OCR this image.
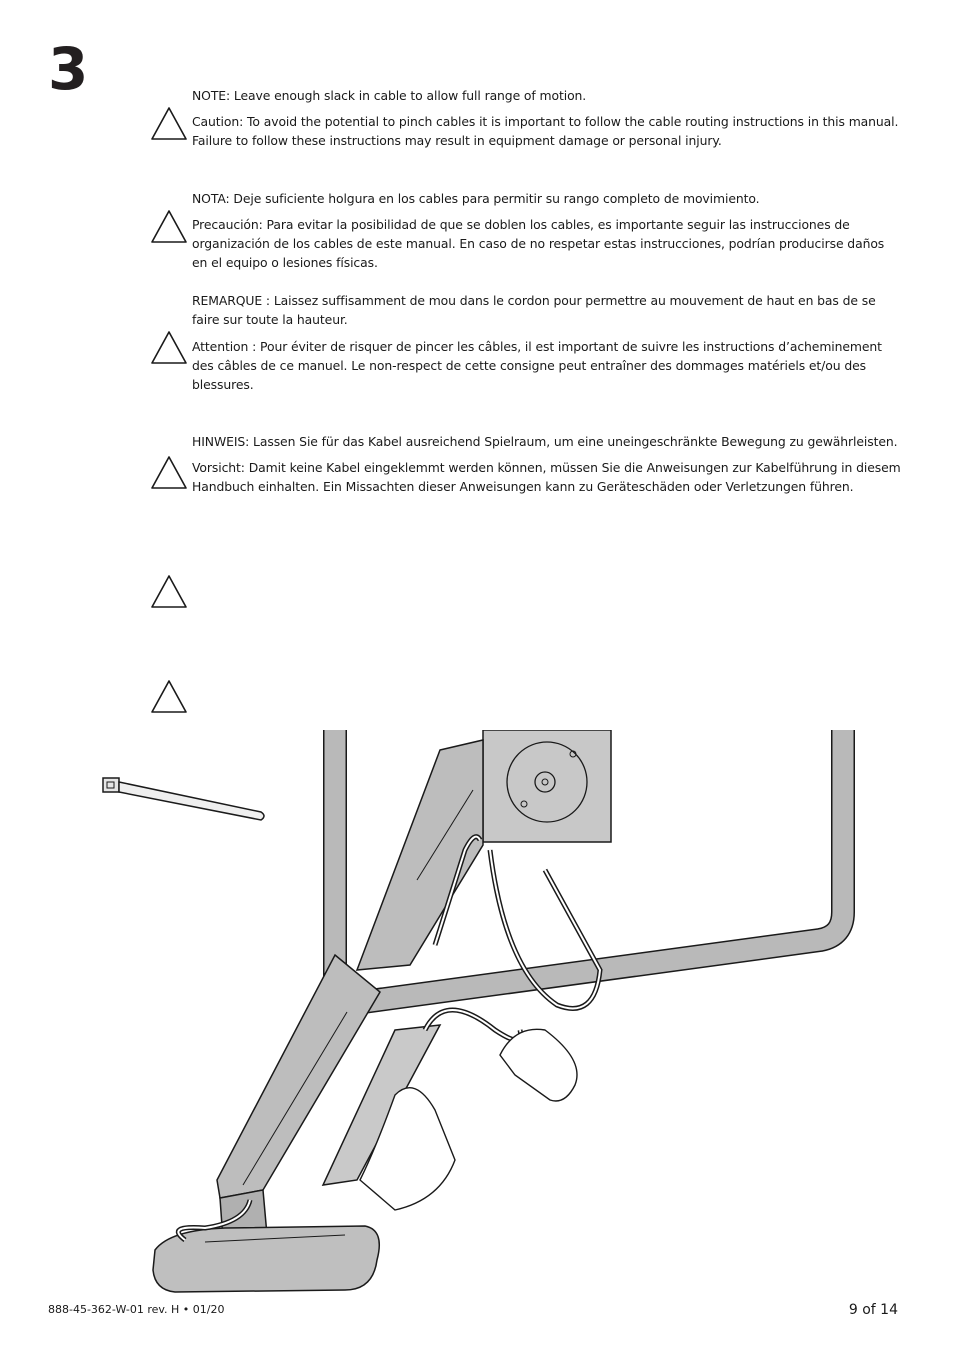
3	NOTE: Leave enough slack in cable to allow full range of motion.
Caution: To avoid the potential to pinch cables it is important to follow the cable routing instructions in this manual. Failure to follow these instructions may result in equipment damage or personal injury.
NOTA: Deje suficiente holgura en los cables para permitir su rango completo de movimiento.
Precaución: Para evitar la posibilidad de que se doblen los cables, es importante seguir las instrucciones de organización de los cables de este manual. En caso de no respetar estas instrucciones, podrían producirse daños en el equipo o lesiones físicas.
REMARQUE : Laissez suffisamment de mou dans le cordon pour permettre au mouvement de haut en bas de se faire sur toute la hauteur.
Attention : Pour éviter de risquer de pincer les câbles, il est important de suivre les instructions d’acheminement des câbles de ce manuel. Le non-respect de cette consigne peut entraîner des dommages matériels et/ou des blessures.
HINWEIS: Lassen Sie für das Kabel ausreichend Spielraum, um eine uneingeschränkte Bewegung zu gewährleisten.
Vorsicht: Damit keine Kabel eingeklemmt werden können, müssen Sie die Anweisungen zur Kabelführung in diesem Handbuch einhalten. Ein Missachten dieser Anweisungen kann zu Geräteschäden oder Verletzungen führen.
888-45-362-W-01 rev. H • 01/20	9 of 14
